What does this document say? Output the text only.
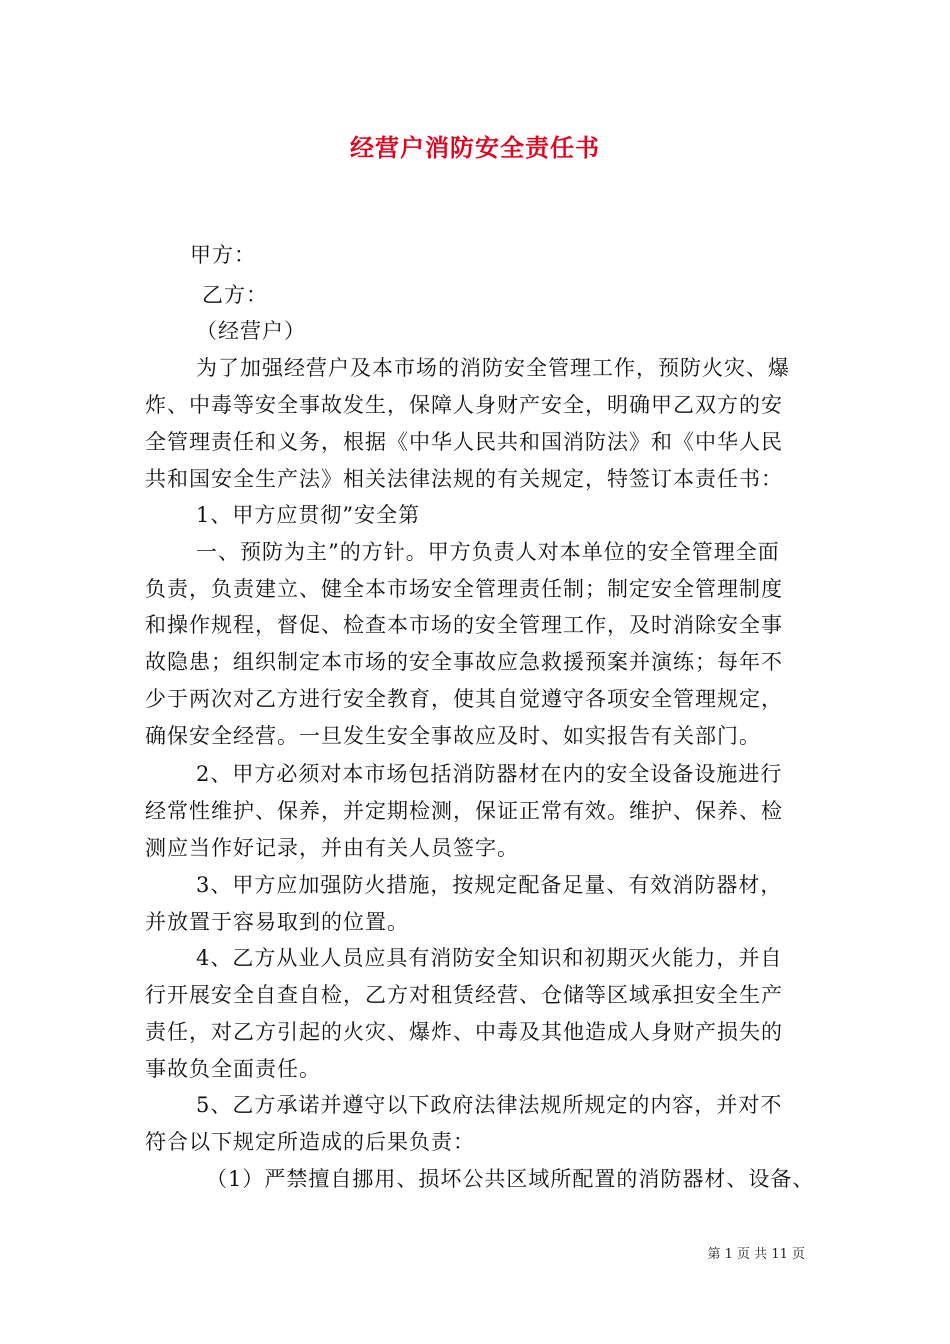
经营户消防安全责任书
甲方：
乙方：
（经营户）
为了加强经营户及本市场的消防安全管理工作，预防火灾、爆
炸、中毒等安全事故发生，保障人身财产安全，明确甲乙双方的安
全管理责任和义务，根据《中华人民共和国消防法》和《中华人民
共和国安全生产法》相关法律法规的有关规定，特签订本责任书：
1、甲方应贯彻”安全第
一、预防为主”的方针。甲方负责人对本单位的安全管理全面
负责，负责建立、健全本市场安全管理责任制；制定安全管理制度
和操作规程，督促、检查本市场的安全管理工作，及时消除安全事
故隐患；组织制定本市场的安全事故应急救援预案并演练；每年不
少于两次对乙方进行安全教育，使其自觉遵守各项安全管理规定，
确保安全经营。一旦发生安全事故应及时、如实报告有关部门。
2、甲方必须对本市场包括消防器材在内的安全设备设施进行
经常性维护、保养，并定期检测，保证正常有效。维护、保养、检
测应当作好记录，并由有关人员签字。
3、甲方应加强防火措施，按规定配备足量、有效消防器材，
并放置于容易取到的位置。
4、乙方从业人员应具有消防安全知识和初期灭火能力，并自
行开展安全自查自检，乙方对租赁经营、仓储等区域承担安全生产
责任，对乙方引起的火灾、爆炸、中毒及其他造成人身财产损失的
事故负全面责任。
5、乙方承诺并遵守以下政府法律法规所规定的内容，并对不
符合以下规定所造成的后果负责：
（1）严禁擅自挪用、损坏公共区域所配置的消防器材、设备、
第 1 页 共 11 页
